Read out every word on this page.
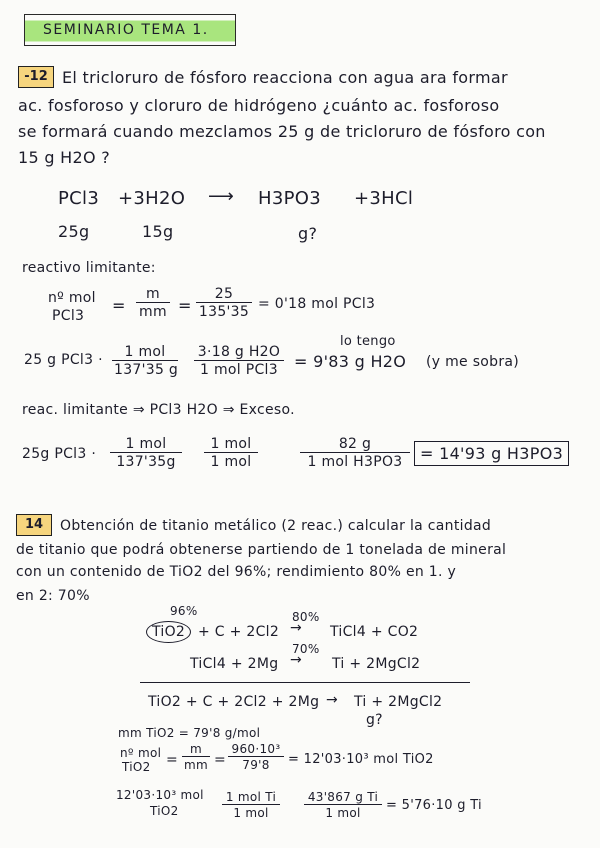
SEMINARIO TEMA 1.
-12 El tricloruro de fósforo reacciona con agua ara formar
ac. fosforoso y cloruro de hidrógeno ¿cuánto ac. fosforoso
se formará cuando mezclamos 25 g de tricloruro de fósforo con
15 g H2O ?
PCl3 +3H2O ⟶ H3PO3 +3HCl
25g	15g	g?
reactivo limitante:
nº mol
PCl3
= $\frac{m}{mm} = \frac{25}{135'35} = 0'18$ mol PCl3
lo tengo
25 g PCl3 ·	1 mol
137'35 g
3·18 g H2O
1 mol PCl3	= 9'83 g H2O (y me sobra)
reac. limitante ⇒ PCl3 H2O ⇒ Exceso.
25g PCl3 ·
1 mol
137'35g
1 mol
1 mol
82 g
1 mol H3PO3	= 14'93 g H3PO3
14	Obtención de titanio metálico (2 reac.) calcular la cantidad
de titanio que podrá obtenerse partiendo de 1 tonelada de mineral
con un contenido de TiO2 del 96%; rendimiento 80% en 1. y
en 2: 70%
96%
TiO2 + C + 2Cl2
80%
→ TiCl4 + CO2
TiCl4 + 2Mg
70%
→ Ti + 2MgCl2
TiO2 + C + 2Cl2 + 2Mg → Ti + 2MgCl2
g?
mm TiO2 = 79'8 g/mol
nº mol
$TiO2 = \frac{m}{mm} = \frac{\text{960·10³}}{79'8} = 12'03\cdot 10^3$ mol TiO2
12'03·10³ mol
TiO2
1 mol Ti
1 mol
43'867 g Ti
1 mol	= 5'76·10 g Ti
